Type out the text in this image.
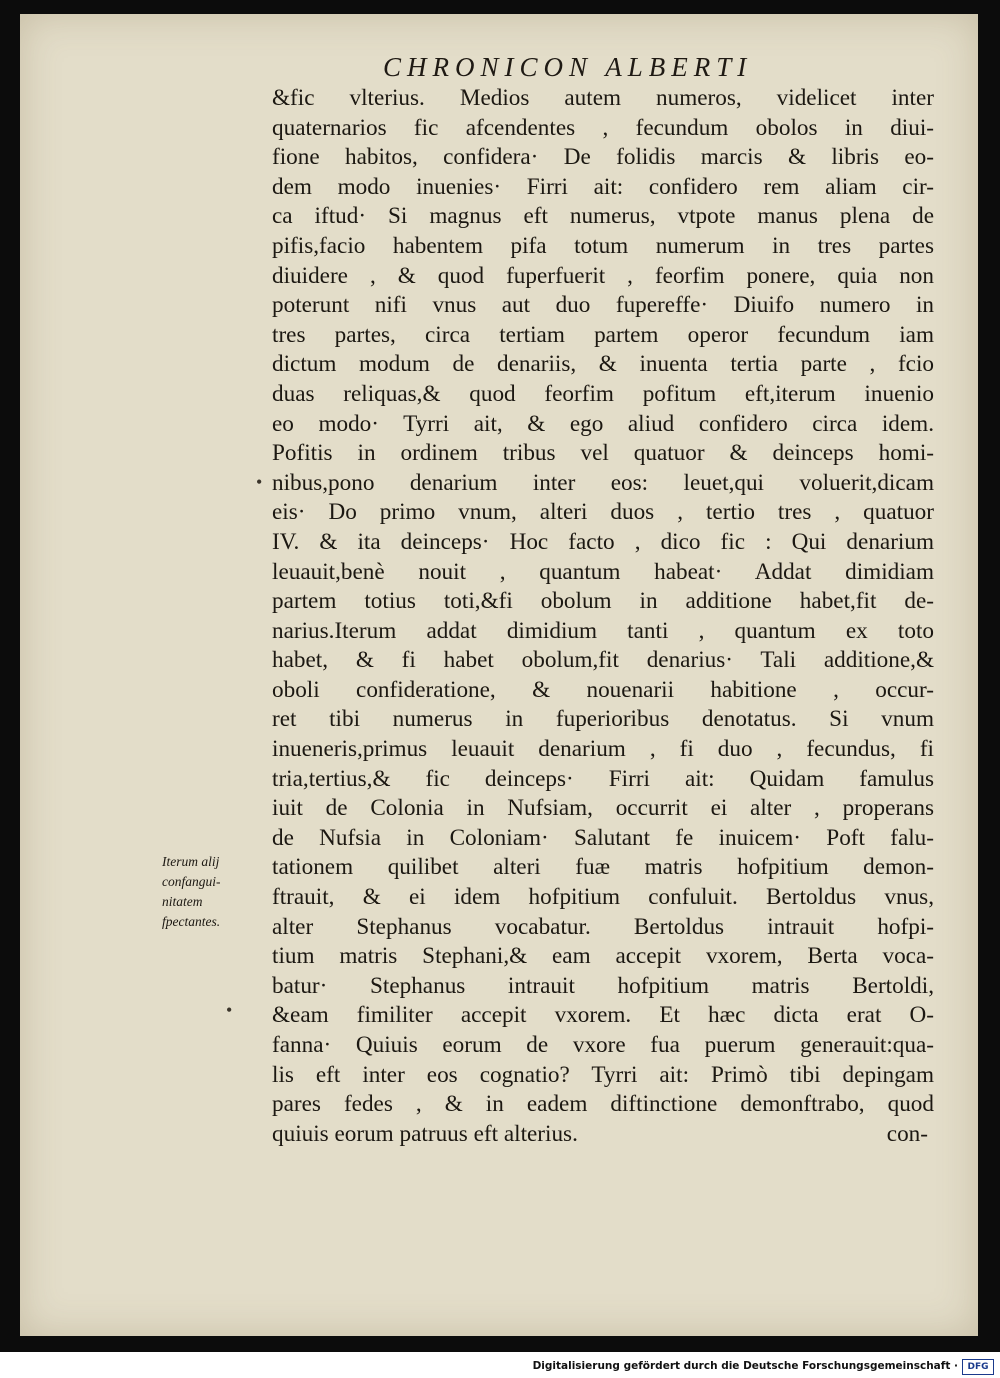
CHRONICON ALBERTI
&fic vlterius. Medios autem numeros, videlicet inter
quaternarios fic afcendentes , fecundum obolos in diui-
fione habitos, confidera· De folidis marcis & libris eo-
dem modo inuenies· Firri ait: confidero rem aliam cir-
ca iftud· Si magnus eft numerus, vtpote manus plena de
pifis,facio habentem pifa totum numerum in tres partes
diuidere , & quod fuperfuerit , feorfim ponere, quia non
poterunt nifi vnus aut duo fupereffe· Diuifo numero in
tres partes, circa tertiam partem operor fecundum iam
dictum modum de denariis, & inuenta tertia parte , fcio
duas reliquas,& quod feorfim pofitum eft,iterum inuenio
eo modo· Tyrri ait, & ego aliud confidero circa idem.
Pofitis in ordinem tribus vel quatuor & deinceps homi-
nibus,pono denarium inter eos: leuet,qui voluerit,dicam
eis· Do primo vnum, alteri duos , tertio tres , quatuor
IV. & ita deinceps· Hoc facto , dico fic : Qui denarium
leuauit,benè nouit , quantum habeat· Addat dimidiam
partem totius toti,&fi obolum in additione habet,fit de-
narius.Iterum addat dimidium tanti , quantum ex toto
habet, & fi habet obolum,fit denarius· Tali additione,&
oboli confideratione, & nouenarii habitione , occur-
ret tibi numerus in fuperioribus denotatus. Si vnum
inueneris,primus leuauit denarium , fi duo , fecundus, fi
tria,tertius,& fic deinceps· Firri ait: Quidam famulus
iuit de Colonia in Nufsiam, occurrit ei alter , properans
de Nufsia in Coloniam· Salutant fe inuicem· Poft falu-
tationem quilibet alteri fuæ matris hofpitium demon-
ftrauit, & ei idem hofpitium confuluit. Bertoldus vnus,
alter Stephanus vocabatur. Bertoldus intrauit hofpi-
tium matris Stephani,& eam accepit vxorem, Berta voca-
batur· Stephanus intrauit hofpitium matris Bertoldi,
&eam fimiliter accepit vxorem. Et hæc dicta erat O-
fanna· Quiuis eorum de vxore fua puerum generauit:qua-
lis eft inter eos cognatio? Tyrri ait: Primò tibi depingam
pares fedes , & in eadem diftinctione demonftrabo, quod
quiuis eorum patruus eft alterius.	con-
Iterum alij
confangui-
nitatem
fpectantes.
•
•
Digitalisierung gefördert durch die Deutsche Forschungsgemeinschaft ·	DFG
